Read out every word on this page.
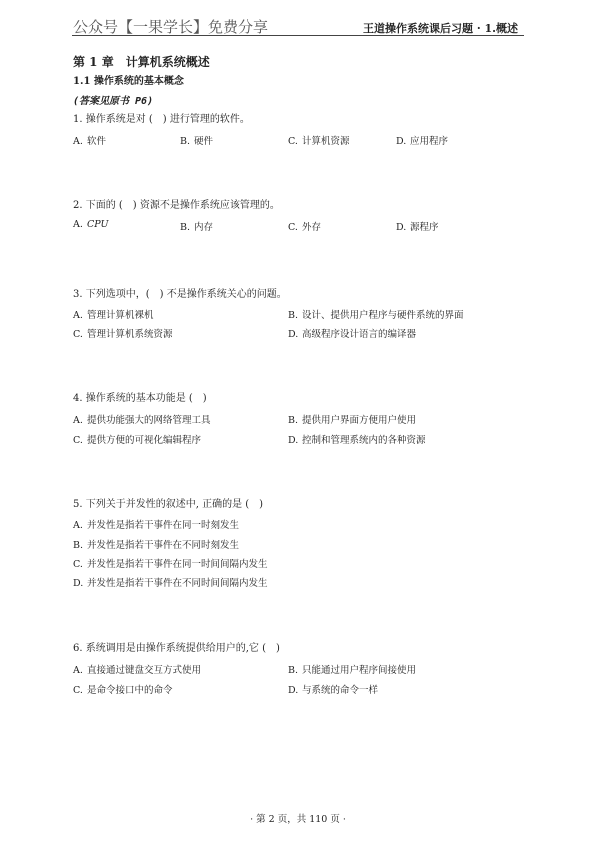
公众号【一果学长】免费分享	王道操作系统课后习题 · 1.概述
第 1 章　计算机系统概述
1.1 操作系统的基本概念
(答案见原书 P6)
1. 操作系统是对 (　) 进行管理的软件。
A. 软件	B. 硬件	C. 计算机资源	D. 应用程序
2. 下面的 (　) 资源不是操作系统应该管理的。
A. CPU	B. 内存	C. 外存	D. 源程序
3. 下列选项中，(　) 不是操作系统关心的问题。
A. 管理计算机裸机	B. 设计、提供用户程序与硬件系统的界面
C. 管理计算机系统资源	D. 高级程序设计语言的编译器
4. 操作系统的基本功能是 (　)
A. 提供功能强大的网络管理工具	B. 提供用户界面方便用户使用
C. 提供方便的可视化编辑程序	D. 控制和管理系统内的各种资源
5. 下列关于并发性的叙述中, 正确的是 (　)
A. 并发性是指若干事件在同一时刻发生
B. 并发性是指若干事件在不同时刻发生
C. 并发性是指若干事件在同一时间间隔内发生
D. 并发性是指若干事件在不同时间间隔内发生
6. 系统调用是由操作系统提供给用户的,它 (　)
A. 直接通过键盘交互方式使用	B. 只能通过用户程序间接使用
C. 是命令接口中的命令	D. 与系统的命令一样
· 第 2 页，共 110 页 ·
